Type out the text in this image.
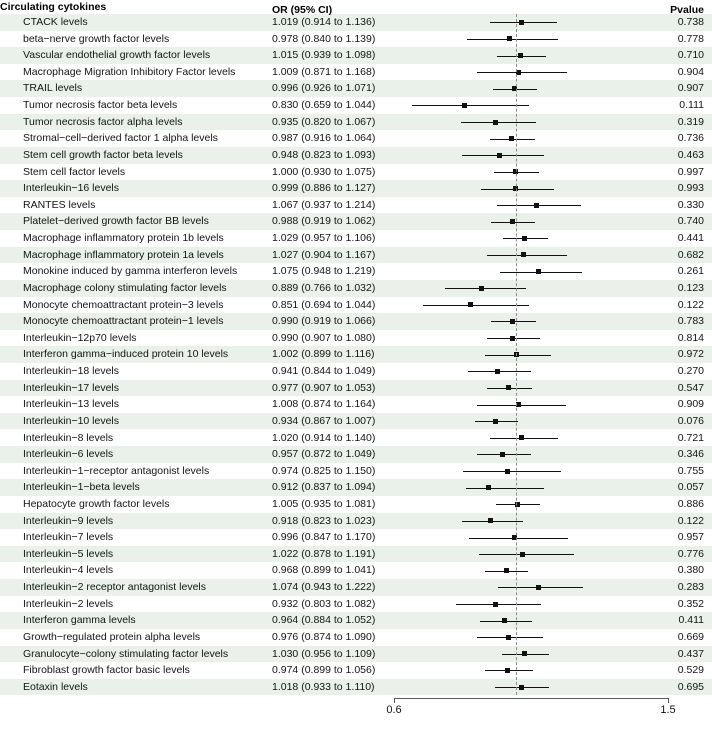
Circulating cytokines	OR (95% CI)	Pvalue
CTACK levels	1.019 (0.914 to 1.136)	0.738
beta−nerve growth factor levels	0.978 (0.840 to 1.139)	0.778
Vascular endothelial growth factor levels	1.015 (0.939 to 1.098)	0.710
Macrophage Migration Inhibitory Factor levels	1.009 (0.871 to 1.168)	0.904
TRAIL levels	0.996 (0.926 to 1.071)	0.907
Tumor necrosis factor beta levels	0.830 (0.659 to 1.044)	0.111
Tumor necrosis factor alpha levels	0.935 (0.820 to 1.067)	0.319
Stromal−cell−derived factor 1 alpha levels	0.987 (0.916 to 1.064)	0.736
Stem cell growth factor beta levels	0.948 (0.823 to 1.093)	0.463
Stem cell factor levels	1.000 (0.930 to 1.075)	0.997
Interleukin−16 levels	0.999 (0.886 to 1.127)	0.993
RANTES levels	1.067 (0.937 to 1.214)	0.330
Platelet−derived growth factor BB levels	0.988 (0.919 to 1.062)	0.740
Macrophage inflammatory protein 1b levels	1.029 (0.957 to 1.106)	0.441
Macrophage inflammatory protein 1a levels	1.027 (0.904 to 1.167)	0.682
Monokine induced by gamma interferon levels	1.075 (0.948 to 1.219)	0.261
Macrophage colony stimulating factor levels	0.889 (0.766 to 1.032)	0.123
Monocyte chemoattractant protein−3 levels	0.851 (0.694 to 1.044)	0.122
Monocyte chemoattractant protein−1 levels	0.990 (0.919 to 1.066)	0.783
Interleukin−12p70 levels	0.990 (0.907 to 1.080)	0.814
Interferon gamma−induced protein 10 levels	1.002 (0.899 to 1.116)	0.972
Interleukin−18 levels	0.941 (0.844 to 1.049)	0.270
Interleukin−17 levels	0.977 (0.907 to 1.053)	0.547
Interleukin−13 levels	1.008 (0.874 to 1.164)	0.909
Interleukin−10 levels	0.934 (0.867 to 1.007)	0.076
Interleukin−8 levels	1.020 (0.914 to 1.140)	0.721
Interleukin−6 levels	0.957 (0.872 to 1.049)	0.346
Interleukin−1−receptor antagonist levels	0.974 (0.825 to 1.150)	0.755
Interleukin−1−beta levels	0.912 (0.837 to 1.094)	0.057
Hepatocyte growth factor levels	1.005 (0.935 to 1.081)	0.886
Interleukin−9 levels	0.918 (0.823 to 1.023)	0.122
Interleukin−7 levels	0.996 (0.847 to 1.170)	0.957
Interleukin−5 levels	1.022 (0.878 to 1.191)	0.776
Interleukin−4 levels	0.968 (0.899 to 1.041)	0.380
Interleukin−2 receptor antagonist levels	1.074 (0.943 to 1.222)	0.283
Interleukin−2 levels	0.932 (0.803 to 1.082)	0.352
Interferon gamma levels	0.964 (0.884 to 1.052)	0.411
Growth−regulated protein alpha levels	0.976 (0.874 to 1.090)	0.669
Granulocyte−colony stimulating factor levels	1.030 (0.956 to 1.109)	0.437
Fibroblast growth factor basic levels	0.974 (0.899 to 1.056)	0.529
Eotaxin levels	1.018 (0.933 to 1.110)	0.695
0.6	1.5
